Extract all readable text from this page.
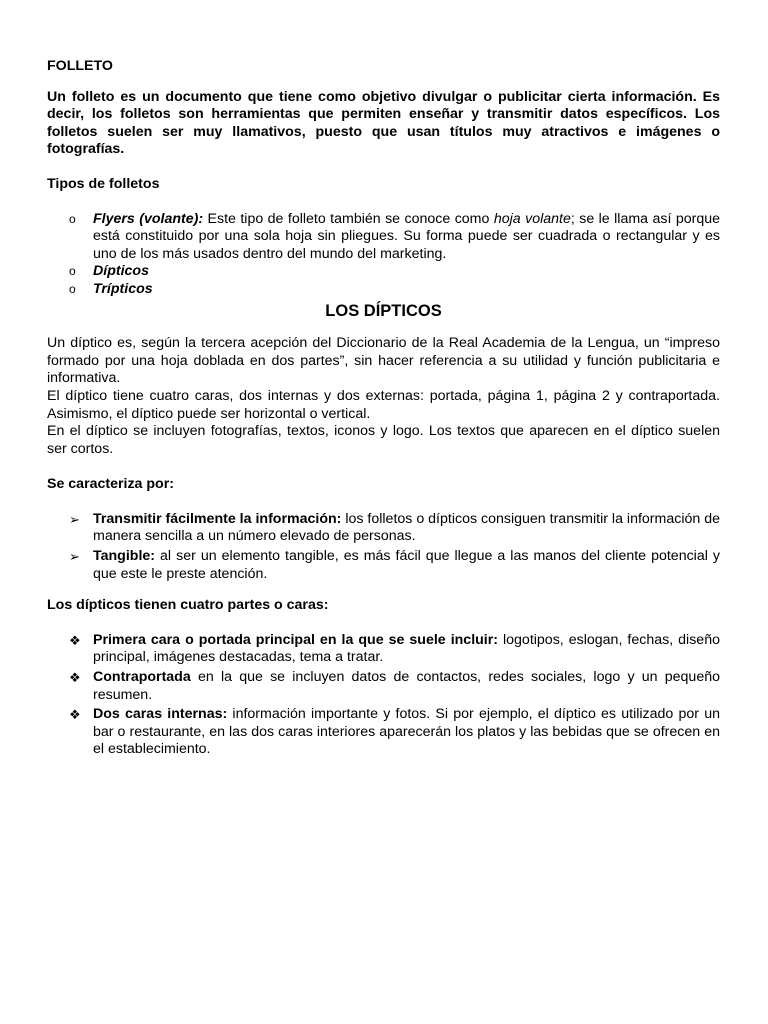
FOLLETO

Un folleto es un documento que tiene como objetivo divulgar o publicitar cierta información. Es decir, los folletos son herramientas que permiten enseñar y transmitir datos específicos. Los folletos suelen ser muy llamativos, puesto que usan títulos muy atractivos e imágenes o fotografías.

Tipos de folletos

o	Flyers (volante): Este tipo de folleto también se conoce como hoja volante; se le llama así porque está constituido por una sola hoja sin pliegues. Su forma puede ser cuadrada o rectangular y es uno de los más usados dentro del mundo del marketing.
o	Dípticos
o	Trípticos

LOS DÍPTICOS

Un díptico es, según la tercera acepción del Diccionario de la Real Academia de la Lengua, un “impreso formado por una hoja doblada en dos partes”, sin hacer referencia a su utilidad y función publicitaria e informativa.

El díptico tiene cuatro caras, dos internas y dos externas: portada, página 1, página 2 y contraportada. Asimismo, el díptico puede ser horizontal o vertical.

En el díptico se incluyen fotografías, textos, iconos y logo. Los textos que aparecen en el díptico suelen ser cortos.

Se caracteriza por:

➢ Transmitir fácilmente la información: los folletos o dípticos consiguen transmitir la información de manera sencilla a un número elevado de personas.
➢ Tangible: al ser un elemento tangible, es más fácil que llegue a las manos del cliente potencial y que este le preste atención.

Los dípticos tienen cuatro partes o caras:

❖ Primera cara o portada principal en la que se suele incluir: logotipos, eslogan, fechas, diseño principal, imágenes destacadas, tema a tratar.
❖ Contraportada en la que se incluyen datos de contactos, redes sociales, logo y un pequeño resumen.
❖ Dos caras internas: información importante y fotos. Si por ejemplo, el díptico es utilizado por un bar o restaurante, en las dos caras interiores aparecerán los platos y las bebidas que se ofrecen en el establecimiento.
